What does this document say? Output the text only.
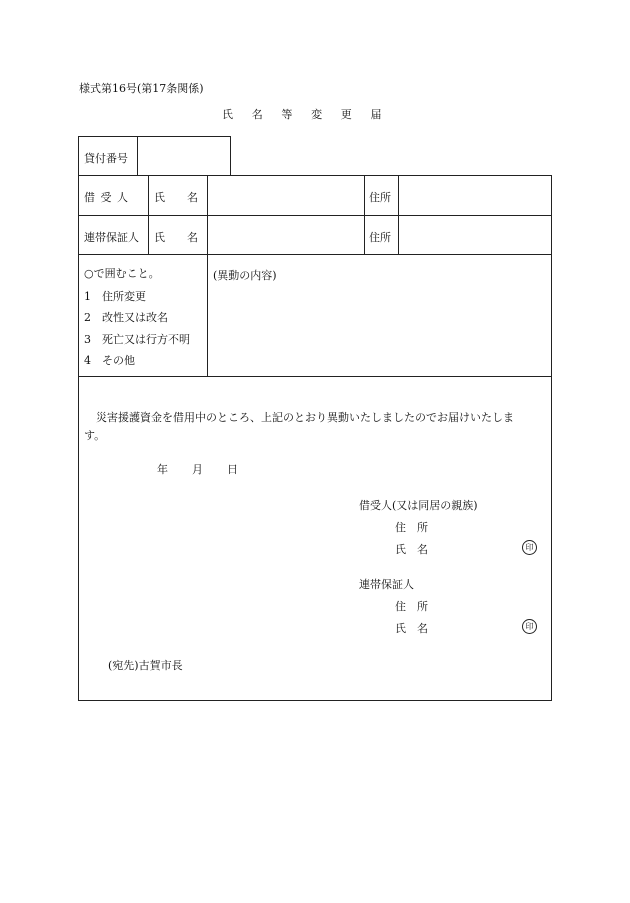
様式第16号(第17条関係)
氏名等変更届
貸付番号
借受人 氏　　名	住所
連帯保証人 氏　　名	住所
○で囲むこと。
1　住所変更
2　改性又は改名
3　死亡又は行方不明
4　その他
(異動の内容)
災害援護資金を借用中のところ、上記のとおり異動いたしましたのでお届けいたしま
す。
年 月 日
借受人(又は同居の親族)
住　所
氏　名	印
連帯保証人
住　所
氏　名	印
(宛先)古賀市長
